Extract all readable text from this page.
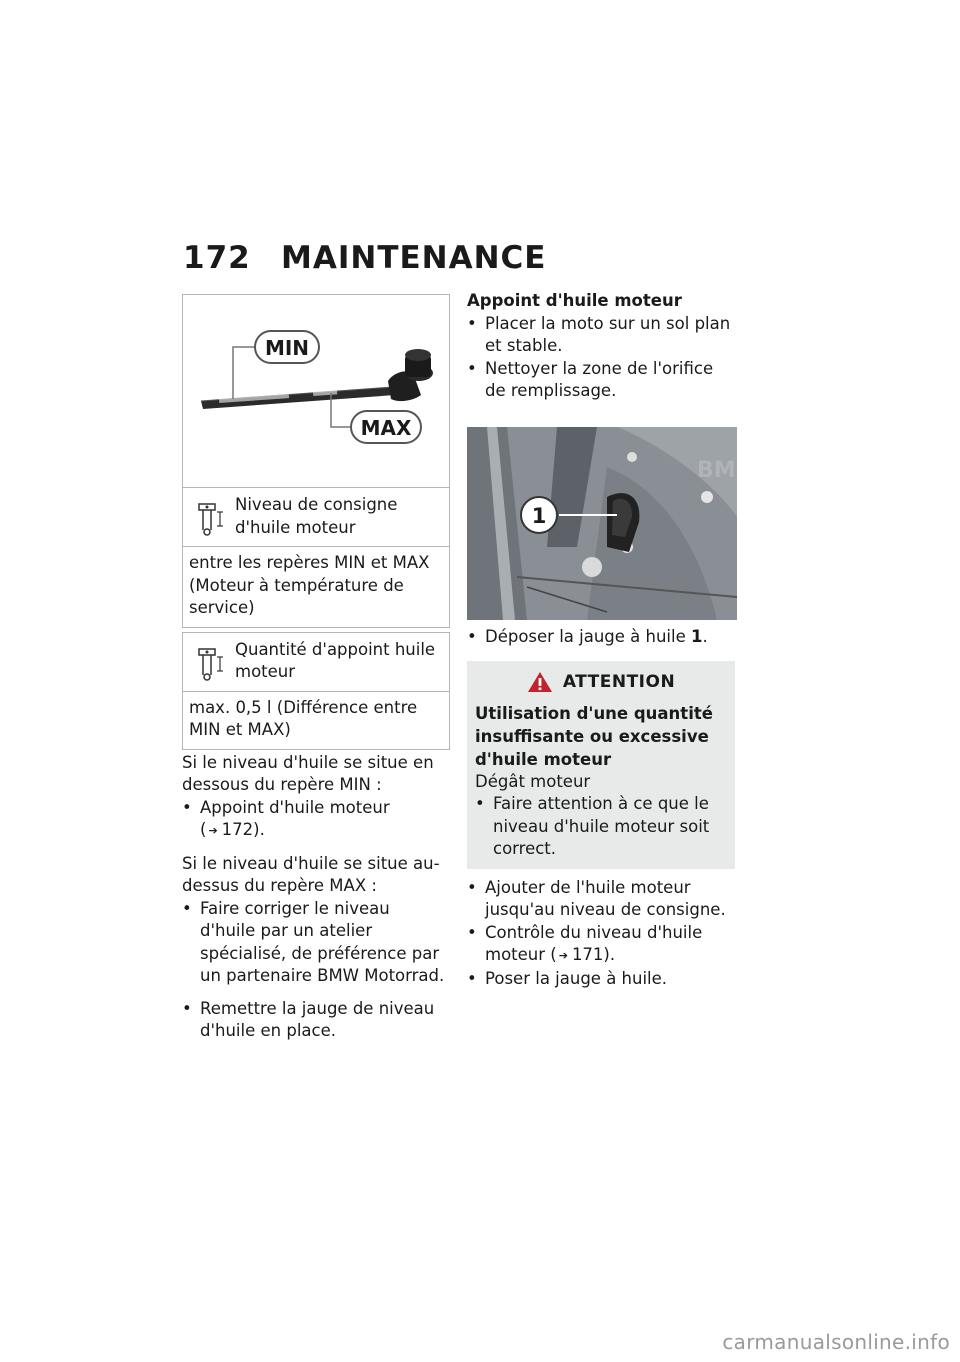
172 MAINTENANCE
MIN
MAX
Niveau de consigne d'huile moteur
entre les repères MIN et MAX (Moteur à température de service)
Quantité d'appoint huile moteur
max. 0,5 l (Différence entre MIN et MAX)

Si le niveau d'huile se situe en dessous du repère MIN :

• Appoint d'huile moteur
( ➔ 172).

Si le niveau d'huile se situe au-dessus du repère MAX :

• Faire corriger le niveau d'huile par un atelier spécialisé, de préférence par un partenaire BMW Motorrad.
• Remettre la jauge de niveau d'huile en place.
Appoint d'huile moteur
• Placer la moto sur un sol plan et stable.
• Nettoyer la zone de l'orifice de remplissage.
BM
1
• Déposer la jauge à huile 1.
ATTENTION

Utilisation d'une quantité insuffisante ou excessive d'huile moteur

Dégât moteur

• Faire attention à ce que le niveau d'huile moteur soit correct.
• Ajouter de l'huile moteur jusqu'au niveau de consigne.
• Contrôle du niveau d'huile moteur ( ➔ 171).
• Poser la jauge à huile.
carmanualsonline.info
